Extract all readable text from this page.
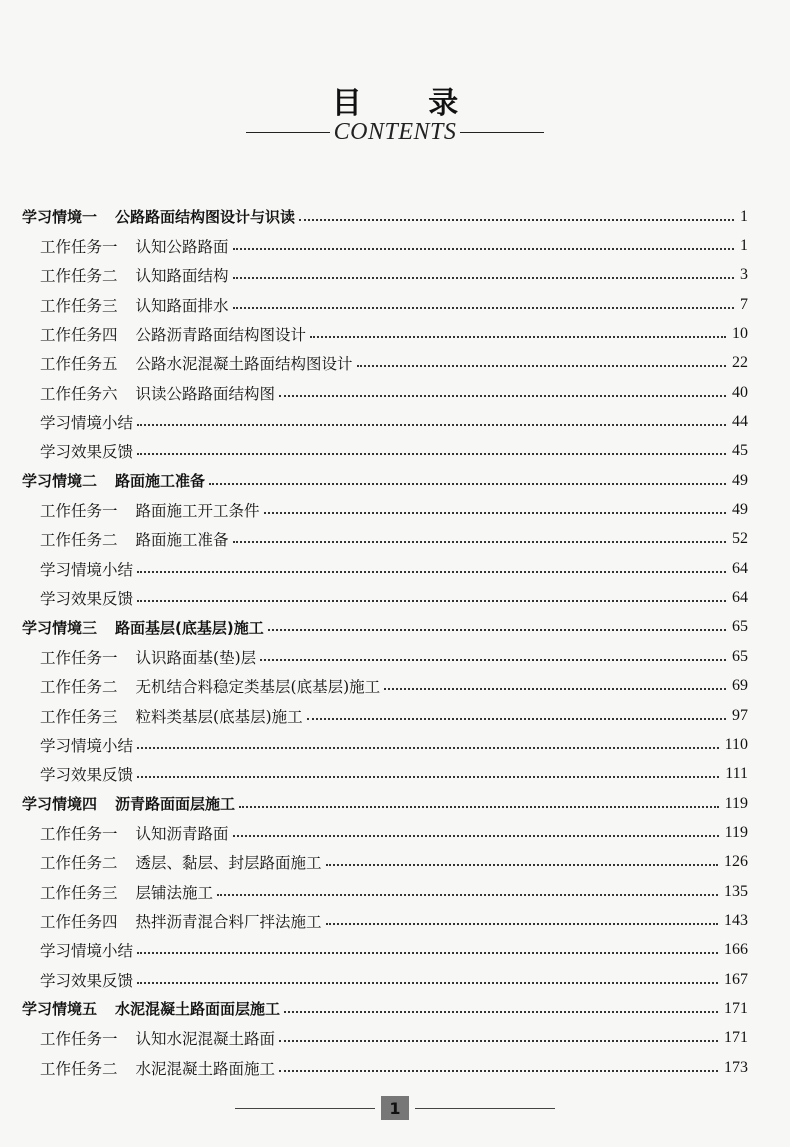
目 录
CONTENTS
学习情境一 公路路面结构图设计与识读	1
工作任务一 认知公路路面	1
工作任务二 认知路面结构	3
工作任务三 认知路面排水	7
工作任务四 公路沥青路面结构图设计	10
工作任务五 公路水泥混凝土路面结构图设计	22
工作任务六 识读公路路面结构图	40
学习情境小结	44
学习效果反馈	45
学习情境二 路面施工准备	49
工作任务一 路面施工开工条件	49
工作任务二 路面施工准备	52
学习情境小结	64
学习效果反馈	64
学习情境三 路面基层(底基层)施工	65
工作任务一 认识路面基(垫)层	65
工作任务二 无机结合料稳定类基层(底基层)施工	69
工作任务三 粒料类基层(底基层)施工	97
学习情境小结	110
学习效果反馈	111
学习情境四 沥青路面面层施工	119
工作任务一 认知沥青路面	119
工作任务二 透层、黏层、封层路面施工	126
工作任务三 层铺法施工	135
工作任务四 热拌沥青混合料厂拌法施工	143
学习情境小结	166
学习效果反馈	167
学习情境五 水泥混凝土路面面层施工	171
工作任务一 认知水泥混凝土路面	171
工作任务二 水泥混凝土路面施工	173
1
